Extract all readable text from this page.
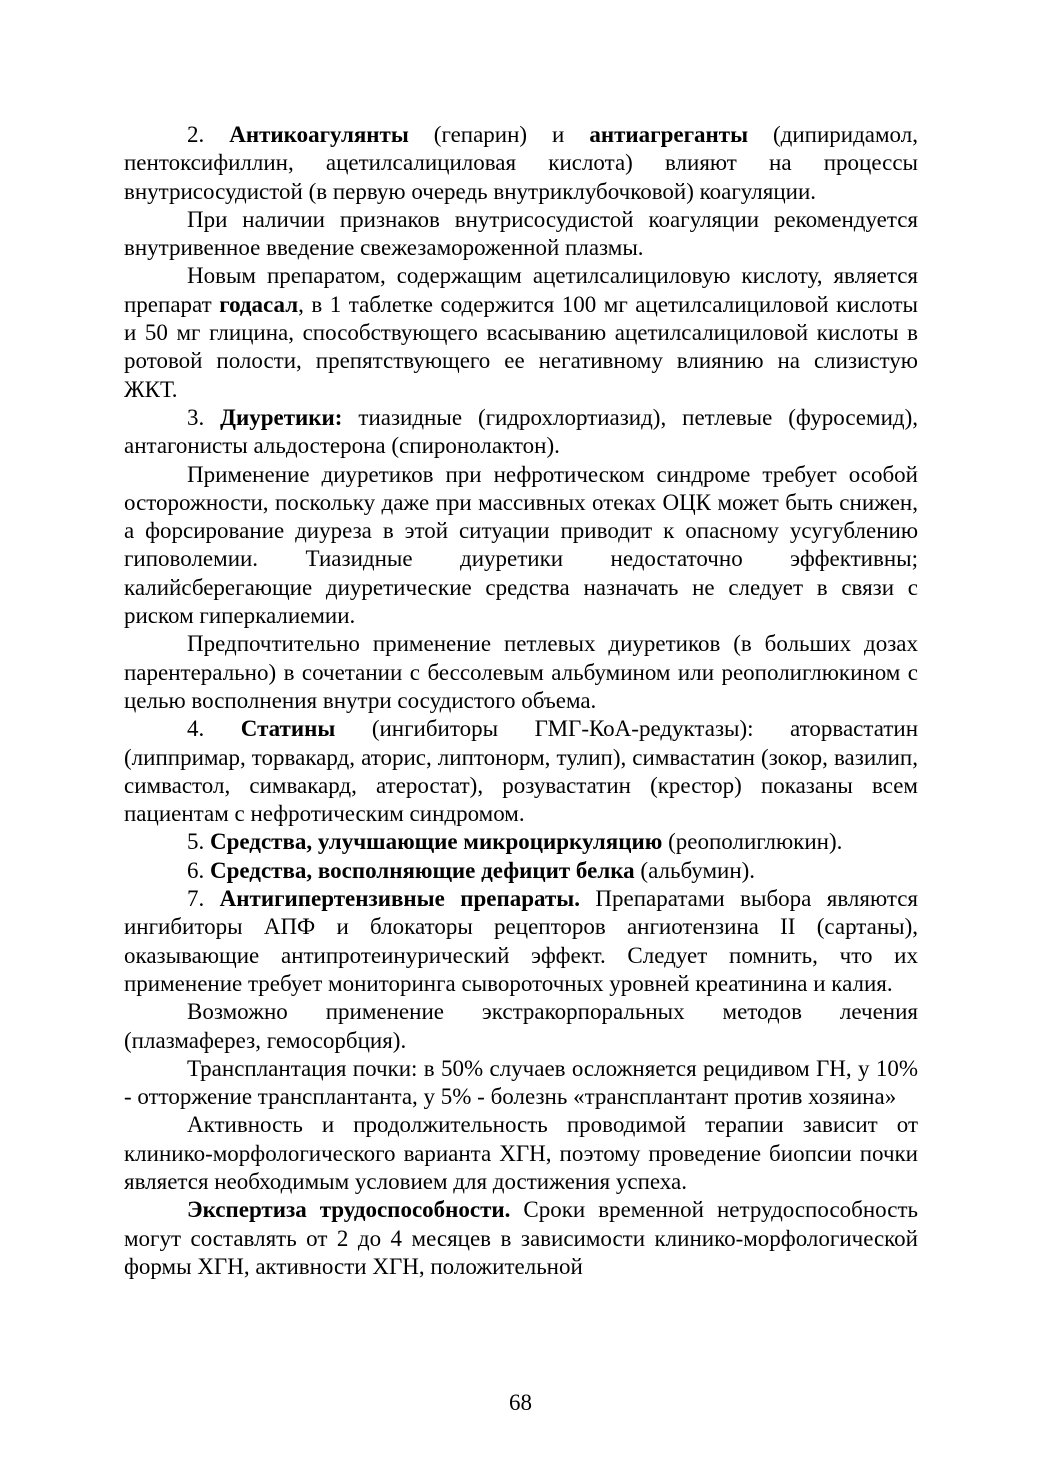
2. Антикоагулянты (гепарин) и антиагреганты (дипиридамол, пентоксифиллин, ацетилсалициловая кислота) влияют на процессы внутрисосудистой (в первую очередь внутриклубочковой) коагуляции.

При наличии признаков внутрисосудистой коагуляции рекомендуется внутривенное введение свежезамороженной плазмы.

Новым препаратом, содержащим ацетилсалициловую кислоту, является препарат годасал, в 1 таблетке содержится 100 мг ацетилсалициловой кислоты и 50 мг глицина, способствующего всасыванию ацетилсалициловой кислоты в ротовой полости, препятствующего ее негативному влиянию на слизистую ЖКТ.

3. Диуретики: тиазидные (гидрохлортиазид), петлевые (фуросемид), антагонисты альдостерона (спиронолактон).

Применение диуретиков при нефротическом синдроме требует особой осторожности, поскольку даже при массивных отеках ОЦК может быть снижен, а форсирование диуреза в этой ситуации приводит к опасному усугублению гиповолемии. Тиазидные диуретики недостаточно эффективны; калийсберегающие диуретические средства назначать не следует в связи с риском гиперкалиемии.

Предпочтительно применение петлевых диуретиков (в больших дозах парентерально) в сочетании с бессолевым альбумином или реополиглюкином с целью восполнения внутри сосудистого объема.

4. Статины (ингибиторы ГМГ-КоА-редуктазы): аторвастатин (липпримар, торвакард, аторис, липтонорм, тулип), симвастатин (зокор, вазилип, симвастол, симвакард, атеростат), розувастатин (крестор) показаны всем пациентам с нефротическим синдромом.

5. Средства, улучшающие микроциркуляцию (реополиглюкин).

6. Средства, восполняющие дефицит белка (альбумин).

7. Антигипертензивные препараты. Препаратами выбора являются ингибиторы АПФ и блокаторы рецепторов ангиотензина II (сартаны), оказывающие антипротеинурический эффект. Следует помнить, что их применение требует мониторинга сывороточных уровней креатинина и калия.

Возможно применение экстракорпоральных методов лечения (плазмаферез, гемосорбция).

Трансплантация почки: в 50% случаев осложняется рецидивом ГН, у 10% - отторжение трансплантанта, у 5% - болезнь «трансплантант против хозяина»

Активность и продолжительность проводимой терапии зависит от клинико-морфологического варианта ХГН, поэтому проведение биопсии почки является необходимым условием для достижения успеха.

Экспертиза трудоспособности. Сроки временной нетрудоспособность могут составлять от 2 до 4 месяцев в зависимости клинико-морфологической формы ХГН, активности ХГН, положительной

68
